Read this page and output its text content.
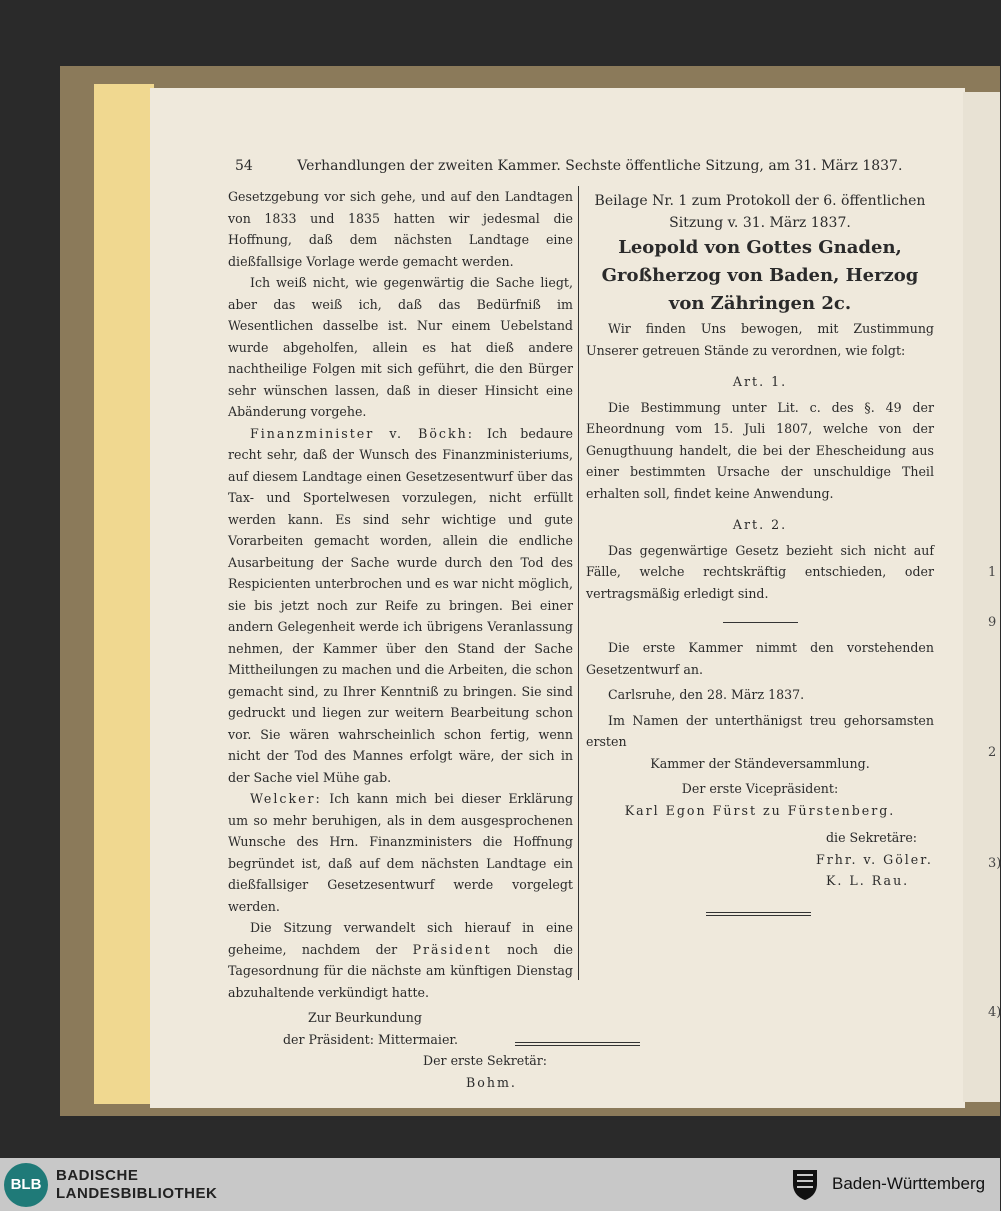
1
9
2
3)
4)
54	Verhandlungen der zweiten Kammer. Sechste öffentliche Sitzung, am 31. März 1837.

Gesetzgebung vor sich gehe, und auf den Landtagen von 1833 und 1835 hatten wir jedesmal die Hoffnung, daß dem nächsten Landtage eine dießfallsige Vorlage werde gemacht werden.

Ich weiß nicht, wie gegenwärtig die Sache liegt, aber das weiß ich, daß das Bedürfniß im Wesentlichen dasselbe ist. Nur einem Uebelstand wurde abgeholfen, allein es hat dieß andere nachtheilige Folgen mit sich geführt, die den Bürger sehr wünschen lassen, daß in dieser Hinsicht eine Abänderung vorgehe.

Finanzminister v. Böckh: Ich bedaure recht sehr, daß der Wunsch des Finanzministeriums, auf diesem Landtage einen Gesetzesentwurf über das Tax- und Sportelwesen vorzulegen, nicht erfüllt werden kann. Es sind sehr wichtige und gute Vorarbeiten gemacht worden, allein die endliche Ausarbeitung der Sache wurde durch den Tod des Respicienten unterbrochen und es war nicht möglich, sie bis jetzt noch zur Reife zu bringen. Bei einer andern Gelegenheit werde ich übrigens Veranlassung nehmen, der Kammer über den Stand der Sache Mittheilungen zu machen und die Arbeiten, die schon gemacht sind, zu Ihrer Kenntniß zu bringen. Sie sind gedruckt und liegen zur weitern Bearbeitung schon vor. Sie wären wahrscheinlich schon fertig, wenn nicht der Tod des Mannes erfolgt wäre, der sich in der Sache viel Mühe gab.

Welcker: Ich kann mich bei dieser Erklärung um so mehr beruhigen, als in dem ausgesprochenen Wunsche des Hrn. Finanzministers die Hoffnung begründet ist, daß auf dem nächsten Landtage ein dießfallsiger Gesetzesentwurf werde vorgelegt werden.

Die Sitzung verwandelt sich hierauf in eine geheime, nachdem der Präsident noch die Tagesordnung für die nächste am künftigen Dienstag abzuhaltende verkündigt hatte.

Zur Beurkundung

der Präsident: Mittermaier.

Der erste Sekretär:

Bohm.

Beilage Nr. 1 zum Protokoll der 6. öffentlichen Sitzung v. 31. März 1837.

Leopold von Gottes Gnaden, Großherzog von Baden, Herzog von Zähringen 2c.

Wir finden Uns bewogen, mit Zustimmung Unserer getreuen Stände zu verordnen, wie folgt:

Art. 1.

Die Bestimmung unter Lit. c. des §. 49 der Eheordnung vom 15. Juli 1807, welche von der Genugthuung handelt, die bei der Ehescheidung aus einer bestimmten Ursache der unschuldige Theil erhalten soll, findet keine Anwendung.

Art. 2.

Das gegenwärtige Gesetz bezieht sich nicht auf Fälle, welche rechtskräftig entschieden, oder vertragsmäßig erledigt sind.

Die erste Kammer nimmt den vorstehenden Gesetzentwurf an.

Carlsruhe, den 28. März 1837.

Im Namen der unterthänigst treu gehorsamsten ersten

Kammer der Ständeversammlung.

Der erste Vicepräsident:

Karl Egon Fürst zu Fürstenberg.

die Sekretäre:

Frhr. v. Göler.

K. L. Rau.

BLB
BADISCHE
LANDESBIBLIOTHEK
Baden-Württemberg
